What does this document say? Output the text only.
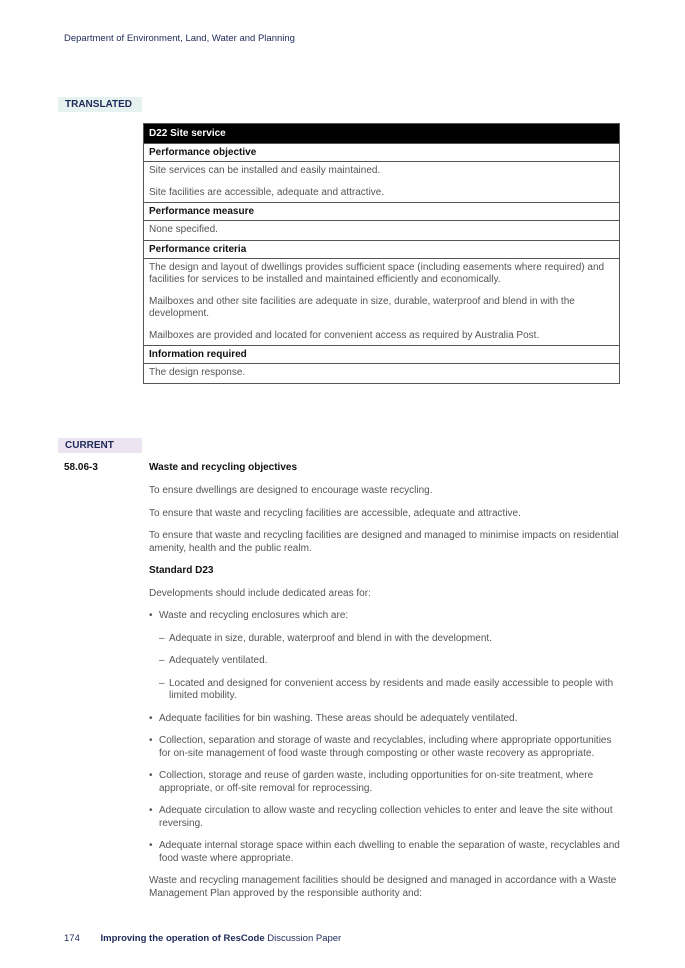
Department of Environment, Land, Water and Planning
TRANSLATED
D22 Site service
Performance objective

Site services can be installed and easily maintained.

Site facilities are accessible, adequate and attractive.

Performance measure

None specified.

Performance criteria

The design and layout of dwellings provides sufficient space (including easements where required) and facilities for services to be installed and maintained efficiently and economically.

Mailboxes and other site facilities are adequate in size, durable, waterproof and blend in with the development.

Mailboxes are provided and located for convenient access as required by Australia Post.

Information required

The design response.

CURRENT
58.06-3	Waste and recycling objectives

To ensure dwellings are designed to encourage waste recycling.

To ensure that waste and recycling facilities are accessible, adequate and attractive.

To ensure that waste and recycling facilities are designed and managed to minimise impacts on residential amenity, health and the public realm.

Standard D23

Developments should include dedicated areas for:

• Waste and recycling enclosures which are:
– Adequate in size, durable, waterproof and blend in with the development.
– Adequately ventilated.
– Located and designed for convenient access by residents and made easily accessible to people with limited mobility.
• Adequate facilities for bin washing. These areas should be adequately ventilated.
• Collection, separation and storage of waste and recyclables, including where appropriate opportunities for on-site management of food waste through composting or other waste recovery as appropriate.
• Collection, storage and reuse of garden waste, including opportunities for on-site treatment, where appropriate, or off-site removal for reprocessing.
• Adequate circulation to allow waste and recycling collection vehicles to enter and leave the site without reversing.
• Adequate internal storage space within each dwelling to enable the separation of waste, recyclables and food waste where appropriate.

Waste and recycling management facilities should be designed and managed in accordance with a Waste Management Plan approved by the responsible authority and:

174 Improving the operation of ResCode Discussion Paper
